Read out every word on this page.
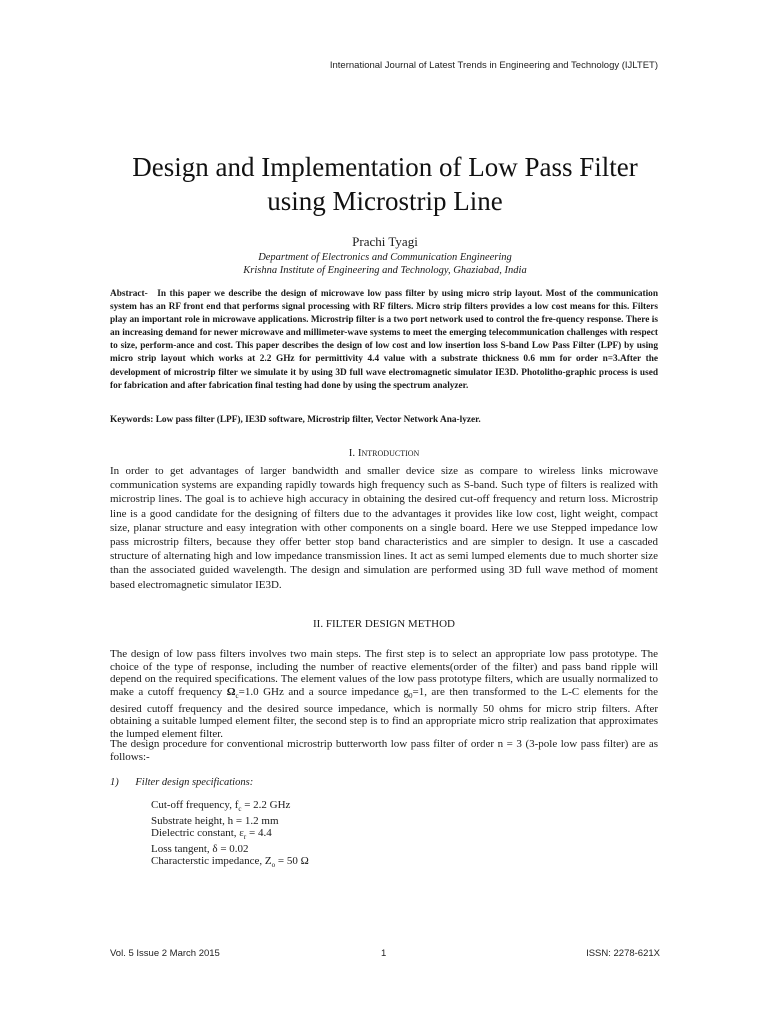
International Journal of Latest Trends in Engineering and Technology (IJLTET)
Design and Implementation of Low Pass Filter
using Microstrip Line
Prachi Tyagi
Department of Electronics and Communication Engineering
Krishna Institute of Engineering and Technology, Ghaziabad, India
Abstract- In this paper we describe the design of microwave low pass filter by using micro strip layout. Most of the communication system has an RF front end that performs signal processing with RF filters. Micro strip filters provides a low cost means for this. Filters play an important role in microwave applications. Microstrip filter is a two port network used to control the fre-quency response. There is an increasing demand for newer microwave and millimeter-wave systems to meet the emerging telecommunication challenges with respect to size, perform-ance and cost. This paper describes the design of low cost and low insertion loss S-band Low Pass Filter (LPF) by using micro strip layout which works at 2.2 GHz for permittivity 4.4 value with a substrate thickness 0.6 mm for order n=3.After the development of microstrip filter we simulate it by using 3D full wave electromagnetic simulator IE3D. Photolitho-graphic process is used for fabrication and after fabrication final testing had done by using the spectrum analyzer.
Keywords: Low pass filter (LPF), IE3D software, Microstrip filter, Vector Network Ana-lyzer.
I. Introduction
In order to get advantages of larger bandwidth and smaller device size as compare to wireless links microwave communication systems are expanding rapidly towards high frequency such as S-band. Such type of filters is realized with microstrip lines. The goal is to achieve high accuracy in obtaining the desired cut-off frequency and return loss. Microstrip line is a good candidate for the designing of filters due to the advantages it provides like low cost, light weight, compact size, planar structure and easy integration with other components on a single board. Here we use Stepped impedance low pass microstrip filters, because they offer better stop band characteristics and are simpler to design. It use a cascaded structure of alternating high and low impedance transmission lines. It act as semi lumped elements due to much shorter size than the associated guided wavelength. The design and simulation are performed using 3D full wave method of moment based electromagnetic simulator IE3D.
II. FILTER DESIGN METHOD
The design of low pass filters involves two main steps. The first step is to select an appropriate low pass prototype. The choice of the type of response, including the number of reactive elements(order of the filter) and pass band ripple will depend on the required specifications. The element values of the low pass prototype filters, which are usually normalized to make a cutoff frequency $\Omega_c=1.0$ GHz and a source impedance $g_0=1$, are then transformed to the L-C elements for the desired cutoff frequency and the desired source impedance, which is normally 50 ohms for micro strip filters. After obtaining a suitable lumped element filter, the second step is to find an appropriate micro strip realization that approximates the lumped element filter.
The design procedure for conventional microstrip butterworth low pass filter of order n = 3 (3-pole low pass filter) are as follows:-
1) Filter design specifications:
Cut-off frequency, $f_c = 2.2$ GHz
Substrate height, h = 1.2 mm
Dielectric constant, $\varepsilon_r = 4.4$
Loss tangent, δ = 0.02
Characterstic impedance, $Z_o = 50$ Ω
Vol. 5 Issue 2 March 2015	1	ISSN: 2278-621X
